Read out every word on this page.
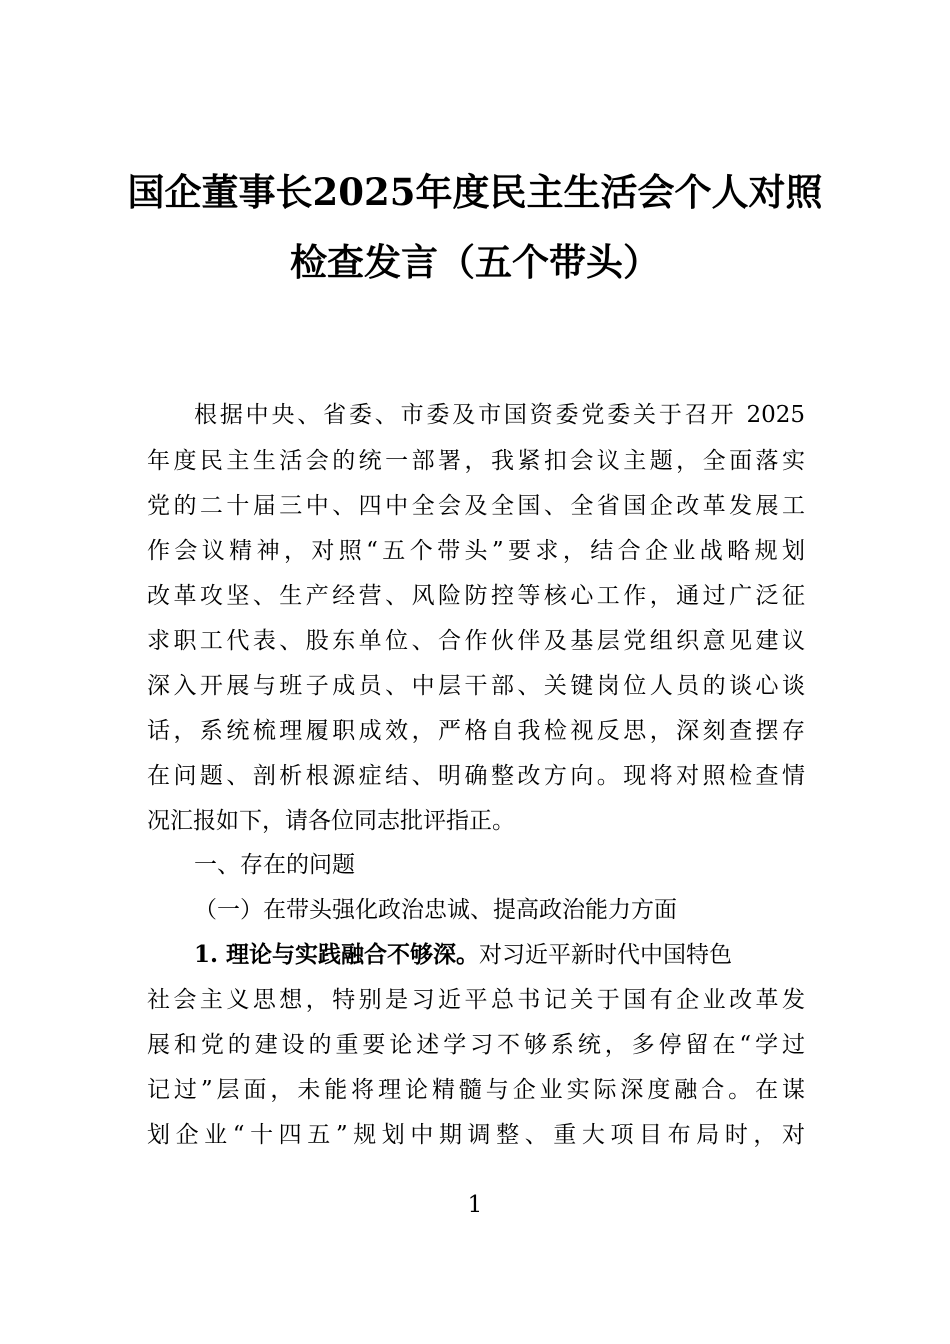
国企董事长2025年度民主生活会个人对照
检查发言（五个带头）
根据中央、省委、市委及市国资委党委关于召开 2025
年度民主生活会的统一部署，我紧扣会议主题，全面落实
党的二十届三中、四中全会及全国、全省国企改革发展工
作会议精神，对照“五个带头”要求，结合企业战略规划
改革攻坚、生产经营、风险防控等核心工作，通过广泛征
求职工代表、股东单位、合作伙伴及基层党组织意见建议
深入开展与班子成员、中层干部、关键岗位人员的谈心谈
话，系统梳理履职成效，严格自我检视反思，深刻查摆存
在问题、剖析根源症结、明确整改方向。现将对照检查情
况汇报如下，请各位同志批评指正。
一、存在的问题
（一）在带头强化政治忠诚、提高政治能力方面
1. 理论与实践融合不够深。对习近平新时代中国特色
社会主义思想，特别是习近平总书记关于国有企业改革发
展和党的建设的重要论述学习不够系统，多停留在“学过
记过”层面，未能将理论精髓与企业实际深度融合。在谋
划企业“十四五”规划中期调整、重大项目布局时，对
1
